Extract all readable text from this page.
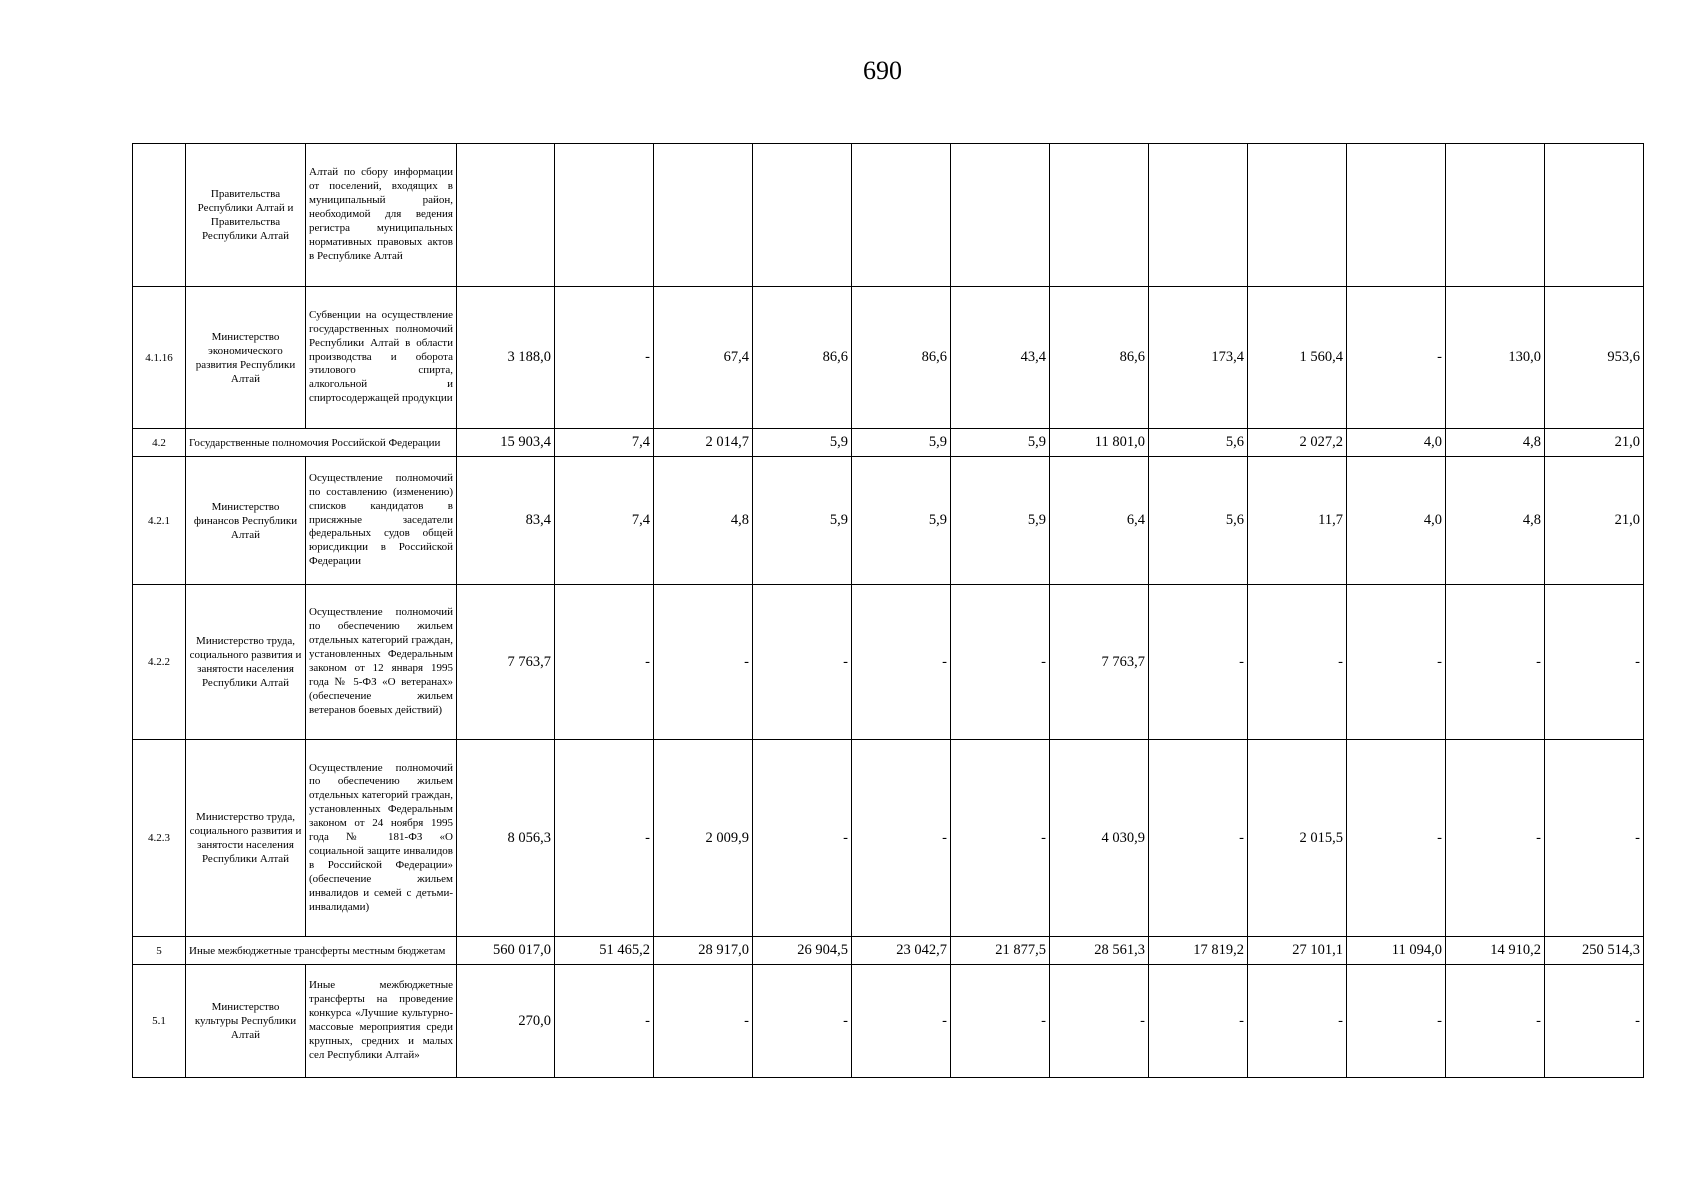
690
	Правительства Республики Алтай и Правительства Республики Алтай	Алтай по сбору информации от поселений, входящих в муниципальный район, необходимой для ведения регистра муниципальных нормативных правовых актов в Республике Алтай												
4.1.16	Министерство экономического развития Республики Алтай	Субвенции на осуществление государственных полномочий Республики Алтай в области производства и оборота этилового спирта, алкогольной и спиртосодержащей продукции	3 188,0	-	67,4	86,6	86,6	43,4	86,6	173,4	1 560,4	-	130,0	953,6
4.2	Государственные полномочия Российской Федерации		15 903,4	7,4	2 014,7	5,9	5,9	5,9	11 801,0	5,6	2 027,2	4,0	4,8	21,0
4.2.1	Министерство финансов Республики Алтай	Осуществление полномочий по составлению (изменению) списков кандидатов в присяжные заседатели федеральных судов общей юрисдикции в Российской Федерации	83,4	7,4	4,8	5,9	5,9	5,9	6,4	5,6	11,7	4,0	4,8	21,0
4.2.2	Министерство труда, социального развития и занятости населения Республики Алтай	Осуществление полномочий по обеспечению жильем отдельных категорий граждан, установленных Федеральным законом от 12 января 1995 года № 5-ФЗ «О ветеранах» (обеспечение жильем ветеранов боевых действий)	7 763,7	-	-	-	-	-	7 763,7	-	-	-	-	-
4.2.3	Министерство труда, социального развития и занятости населения Республики Алтай	Осуществление полномочий по обеспечению жильем отдельных категорий граждан, установленных Федеральным законом от 24 ноября 1995 года № 181-ФЗ «О социальной защите инвалидов в Российской Федерации» (обеспечение жильем инвалидов и семей с детьми-инвалидами)	8 056,3	-	2 009,9	-	-	-	4 030,9	-	2 015,5	-	-	-
5	Иные межбюджетные трансферты местным бюджетам		560 017,0	51 465,2	28 917,0	26 904,5	23 042,7	21 877,5	28 561,3	17 819,2	27 101,1	11 094,0	14 910,2	250 514,3
5.1	Министерство культуры Республики Алтай	Иные межбюджетные трансферты на проведение конкурса «Лучшие культурно-массовые мероприятия среди крупных, средних и малых сел Республики Алтай»	270,0	-	-	-	-	-	-	-	-	-	-	-
